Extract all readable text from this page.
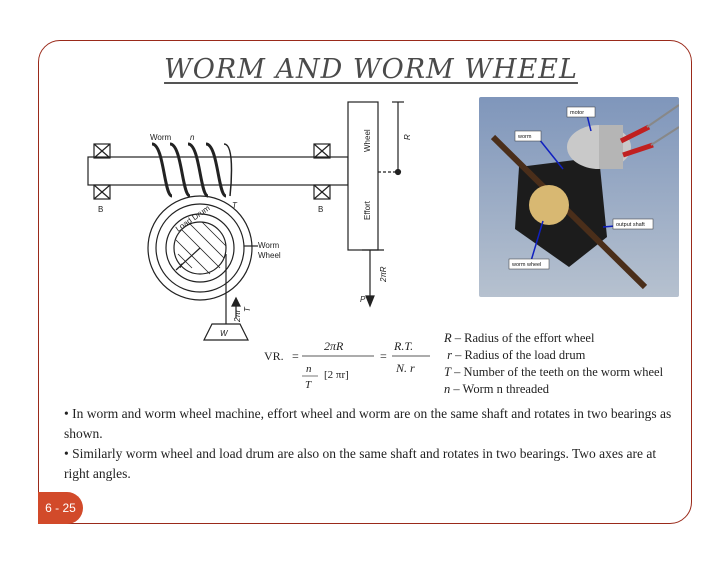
WORM AND WORM WHEEL
Worm n
B	B
T
Load Drum
r
Worm
Wheel
W
Wheel
Effort
R
2πR
P
2πr T
motor
worm
output shaft
worm wheel
VR. =
2πR
n
T
[2 πr]
=
R.T.
N. r
R – Radius of the effort wheel
r – Radius of the load drum
T – Number of the teeth on the worm wheel
n – Worm n threaded

• In worm and worm wheel machine, effort wheel and worm are on the same shaft and rotates in two bearings as shown.

• Similarly worm wheel and load drum are also on the same shaft and rotates in two bearings. Two axes are at right angles.

6 - 25
